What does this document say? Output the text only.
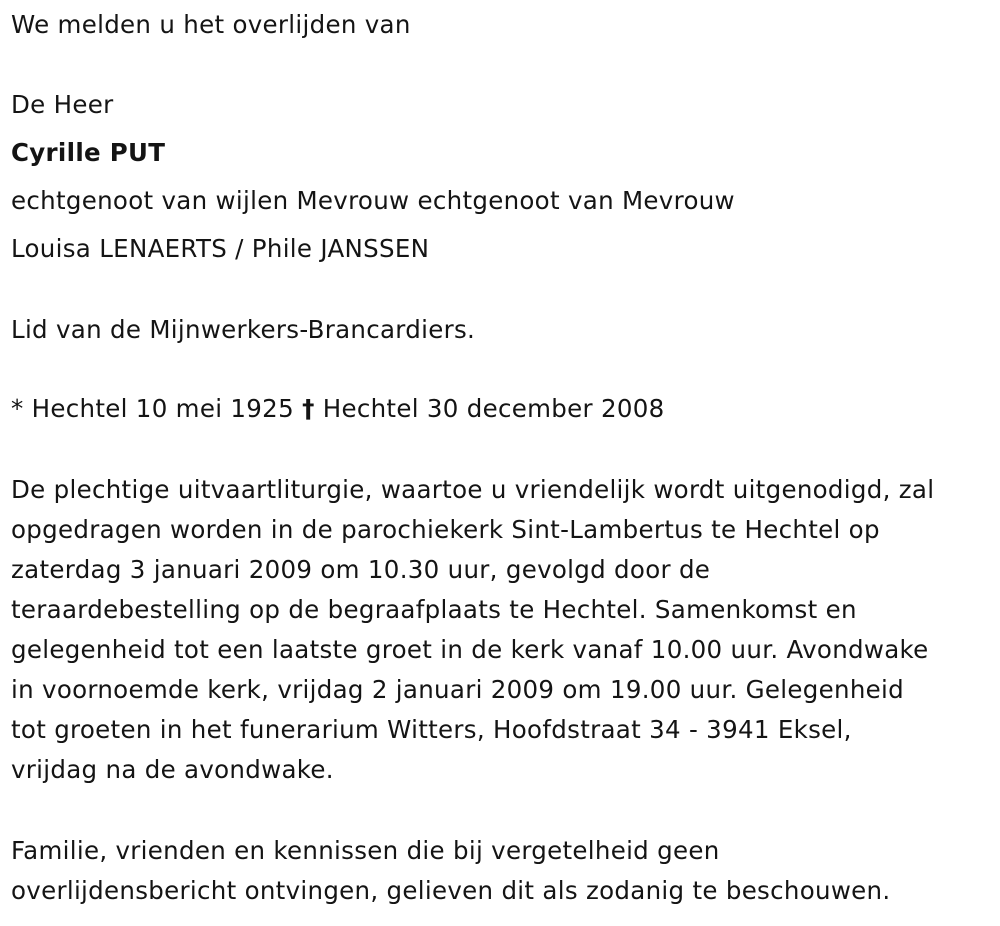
We melden u het overlijden van
De Heer
Cyrille PUT
echtgenoot van wijlen Mevrouw echtgenoot van Mevrouw
Louisa LENAERTS / Phile JANSSEN
Lid van de Mijnwerkers-Brancardiers.
* Hechtel 10 mei 1925 † Hechtel 30 december 2008
De plechtige uitvaartliturgie, waartoe u vriendelijk wordt uitgenodigd, zal
opgedragen worden in de parochiekerk Sint-Lambertus te Hechtel op
zaterdag 3 januari 2009 om 10.30 uur, gevolgd door de
teraardebestelling op de begraafplaats te Hechtel. Samenkomst en
gelegenheid tot een laatste groet in de kerk vanaf 10.00 uur. Avondwake
in voornoemde kerk, vrijdag 2 januari 2009 om 19.00 uur. Gelegenheid
tot groeten in het funerarium Witters, Hoofdstraat 34 - 3941 Eksel,
vrijdag na de avondwake.
Familie, vrienden en kennissen die bij vergetelheid geen
overlijdensbericht ontvingen, gelieven dit als zodanig te beschouwen.
